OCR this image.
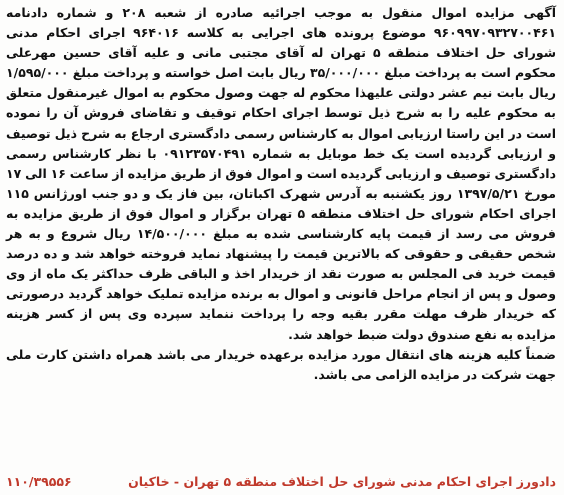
آگهی مزایده اموال منقول به موجب اجرائیه صادره از شعبه ۲۰۸ و شماره دادنامه ۹۶۰۹۹۷۰۹۳۲۷۰۰۴۶۱ موضوع پرونده های اجرایی به کلاسه ۹۶۴۰۱۶ اجرای احکام مدنی شورای حل اختلاف منطقه ۵ تهران له آقای مجتبی مانی و علیه آقای حسین مهرعلی محکوم است به پرداخت مبلغ ۳۵/۰۰۰/۰۰۰ ریال بابت اصل خواسته و پرداخت مبلغ ۱/۵۹۵/۰۰۰ ریال بابت نیم عشر دولتی علیهذا محکوم له جهت وصول محکوم به اموال غیرمنقول متعلق به محکوم علیه را به شرح ذیل توسط اجرای احکام توقیف و تقاضای فروش آن را نموده است در این راستا ارزیابی اموال به کارشناس رسمی دادگستری ارجاع به شرح ذیل توصیف و ارزیابی گردیده است یک خط موبایل به شماره ۰۹۱۲۳۵۷۰۴۹۱ با نظر کارشناس رسمی دادگستری توصیف و ارزیابی گردیده است و اموال فوق از طریق مزایده از ساعت ۱۶ الی ۱۷ مورخ ۱۳۹۷/۵/۲۱ روز یکشنبه به آدرس شهرک اکباتان، بین فاز یک و دو جنب اورژانس ۱۱۵ اجرای احکام شورای حل اختلاف منطقه ۵ تهران برگزار و اموال فوق از طریق مزایده به فروش می رسد از قیمت پایه کارشناسی شده به مبلغ ۱۴/۵۰۰/۰۰۰ ریال شروع و به هر شخص حقیقی و حقوقی که بالاترین قیمت را پیشنهاد نماید فروخته خواهد شد و ده درصد قیمت خرید فی المجلس به صورت نقد از خریدار اخذ و الباقی ظرف حداکثر یک ماه از وی وصول و پس از انجام مراحل قانونی و اموال به برنده مزایده تملیک خواهد گردید درصورتی که خریدار ظرف مهلت مقرر بقیه وجه را پرداخت ننماید سپرده وی پس از کسر هزینه مزایده به نفع صندوق دولت ضبط خواهد شد.

ضمناً کلیه هزینه های انتقال مورد مزایده برعهده خریدار می باشد همراه داشتن کارت ملی جهت شرکت در مزایده الزامی می باشد.

دادورز اجرای احکام مدنی شورای حل اختلاف منطقه ۵ تهران - خاکیان
۱۱۰/۳۹۵۵۶
